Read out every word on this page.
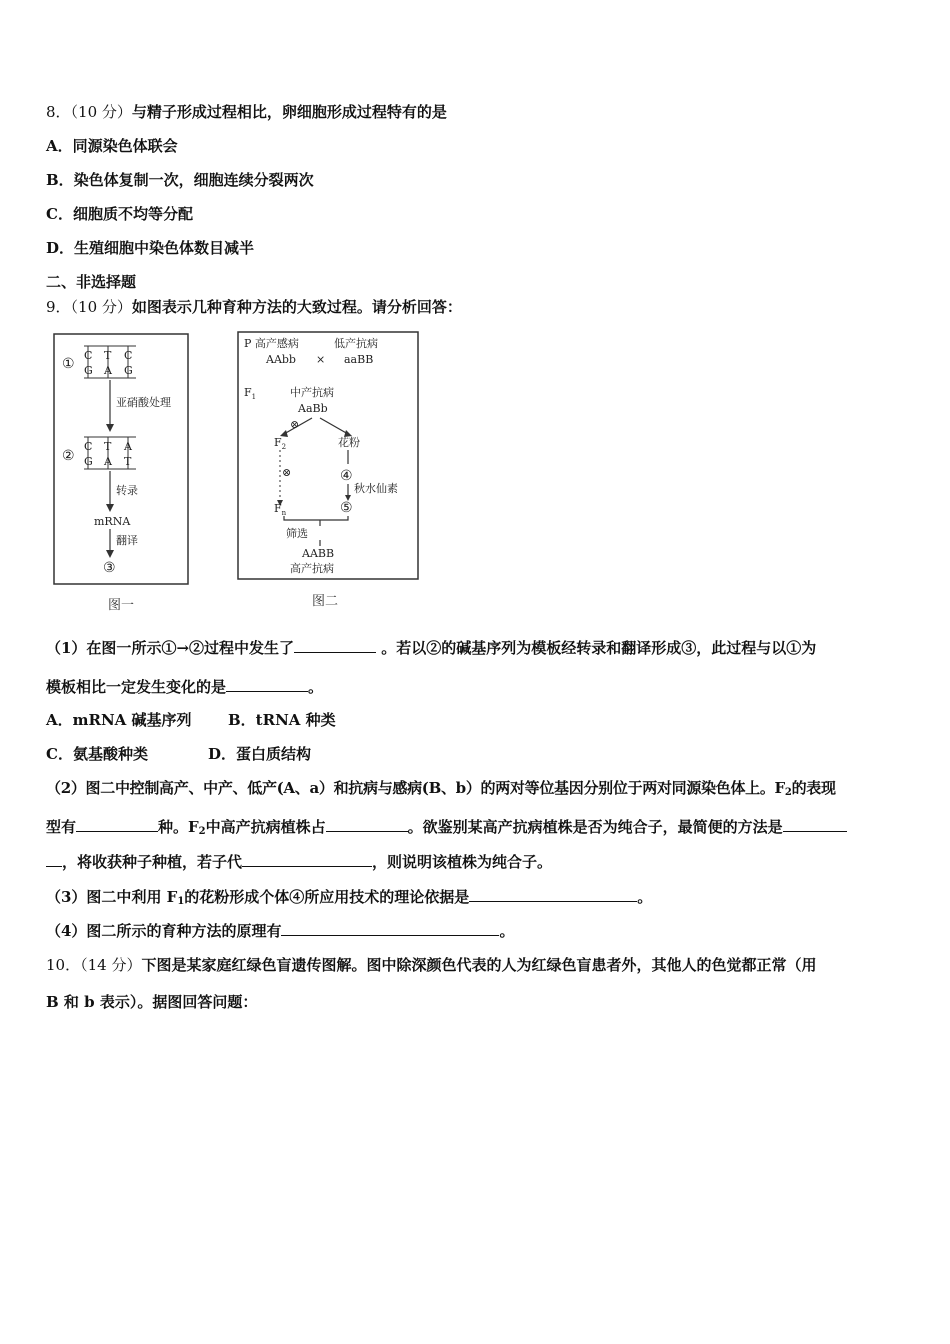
8．（10 分）与精子形成过程相比，卵细胞形成过程特有的是
A．同源染色体联会
B．染色体复制一次，细胞连续分裂两次
C．细胞质不均等分配
D．生殖细胞中染色体数目减半
二、非选择题
9．（10 分）如图表示几种育种方法的大致过程。请分析回答：
①
C T C
G A G
亚硝酸处理
②
C T A
G A T
转录
mRNA
翻译
③
图一
P 高产感病	低产抗病
AAbb × aaBB
$F_1$	中产抗病
AaBb
⊗
$F_2$	花粉
⊗	④
秋水仙素
⑤
$F_n$
筛选
AABB
高产抗病
图二
（1）在图一所示①→②过程中发生了	。若以②的碱基序列为模板经转录和翻译形成③，此过程与以①为
模板相比一定发生变化的是	。
A．mRNA 碱基序列 B．tRNA 种类
C．氨基酸种类	D．蛋白质结构
（2）图二中控制高产、中产、低产(A、a）和抗病与感病(B、b）的两对等位基因分别位于两对同源染色体上。$F_2$的表现
型有	种。$F_2$中高产抗病植株占	。欲鉴别某高产抗病植株是否为纯合子，最简便的方法是
，将收获种子种植，若子代	，则说明该植株为纯合子。
（3）图二中利用 $F_1$的花粉形成个体④所应用技术的理论依据是	。
（4）图二所示的育种方法的原理有	。
10．（14 分）下图是某家庭红绿色盲遗传图解。图中除深颜色代表的人为红绿色盲患者外，其他人的色觉都正常（用
B 和 b 表示）。据图回答问题：
